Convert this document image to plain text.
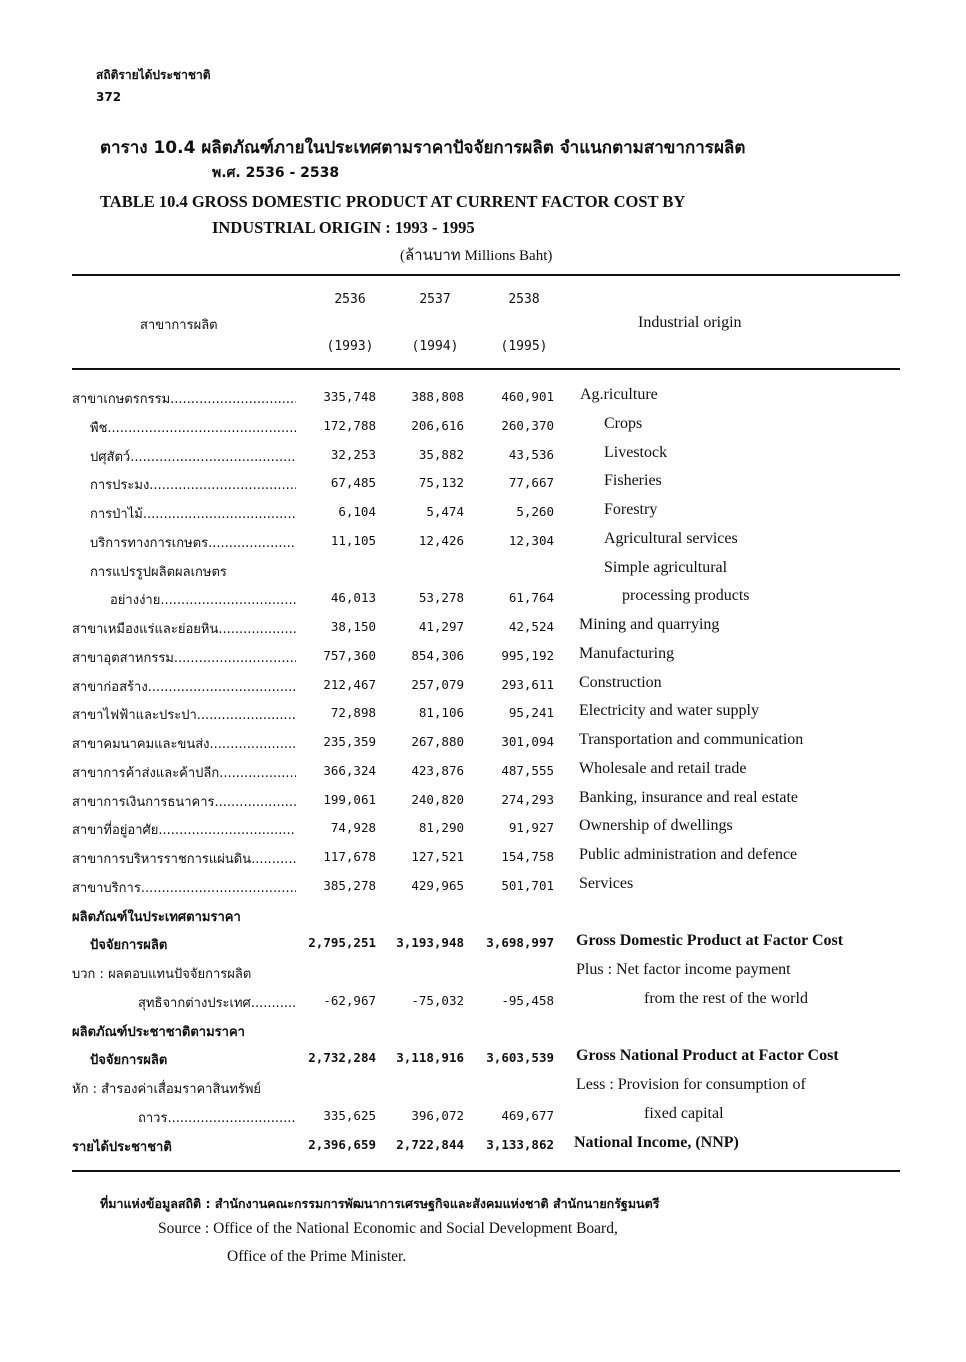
สถิติรายได้ประชาชาติ
372
ตาราง 10.4 ผลิตภัณฑ์ภายในประเทศตามราคาปัจจัยการผลิต จำแนกตามสาขาการผลิต
พ.ศ. 2536 - 2538
TABLE 10.4 GROSS DOMESTIC PRODUCT AT CURRENT FACTOR COST BY
INDUSTRIAL ORIGIN : 1993 - 1995
(ล้านบาท Millions Baht)
สาขาการผลิต
2536	2537	2538
(1993)	(1994)	(1995)
Industrial origin
สาขาเกษตรกรรม .....	335,748	388,808	460,901 Ag.riculture
พืช .....	172,788	206,616	260,370	Crops
ปศุสัตว์ .....	32,253	35,882	43,536	Livestock
การประมง .....	67,485	75,132	77,667	Fisheries
การป่าไม้ .....	6,104	5,474	5,260	Forestry
บริการทางการเกษตร .....	11,105	12,426	12,304	Agricultural services
การแปรรูปผลิตผลเกษตร	Simple agricultural
อย่างง่าย .....	46,013	53,278	61,764	processing products
สาขาเหมืองแร่และย่อยหิน .....	38,150	41,297	42,524 Mining and quarrying
สาขาอุตสาหกรรม .....	757,360	854,306	995,192 Manufacturing
สาขาก่อสร้าง .....	212,467	257,079	293,611 Construction
สาขาไฟฟ้าและประปา .....	72,898	81,106	95,241 Electricity and water supply
สาขาคมนาคมและขนส่ง .....	235,359	267,880	301,094 Transportation and communication
สาขาการค้าส่งและค้าปลีก .....	366,324	423,876	487,555 Wholesale and retail trade
สาขาการเงินการธนาคาร .....	199,061	240,820	274,293 Banking, insurance and real estate
สาขาที่อยู่อาศัย .....	74,928	81,290	91,927 Ownership of dwellings
สาขาการบริหารราชการแผ่นดิน .....	117,678	127,521	154,758 Public administration and defence
สาขาบริการ .....	385,278	429,965	501,701 Services
ผลิตภัณฑ์ในประเทศตามราคา
ปัจจัยการผลิต	2,795,251	3,193,948	3,698,997 Gross Domestic Product at Factor Cost
บวก : ผลตอบแทนปัจจัยการผลิต	Plus : Net factor income payment
สุทธิจากต่างประเทศ .....	-62,967	-75,032	-95,458	from the rest of the world
ผลิตภัณฑ์ประชาชาติตามราคา
ปัจจัยการผลิต	2,732,284	3,118,916	3,603,539 Gross National Product at Factor Cost
หัก : สำรองค่าเสื่อมราคาสินทรัพย์	Less : Provision for consumption of
ถาวร .....	335,625	396,072	469,677	fixed capital
รายได้ประชาชาติ	2,396,659	2,722,844	3,133,862 National Income, (NNP)
ที่มาแห่งข้อมูลสถิติ : สำนักงานคณะกรรมการพัฒนาการเศรษฐกิจและสังคมแห่งชาติ สำนักนายกรัฐมนตรี
Source : Office of the National Economic and Social Development Board,
Office of the Prime Minister.
